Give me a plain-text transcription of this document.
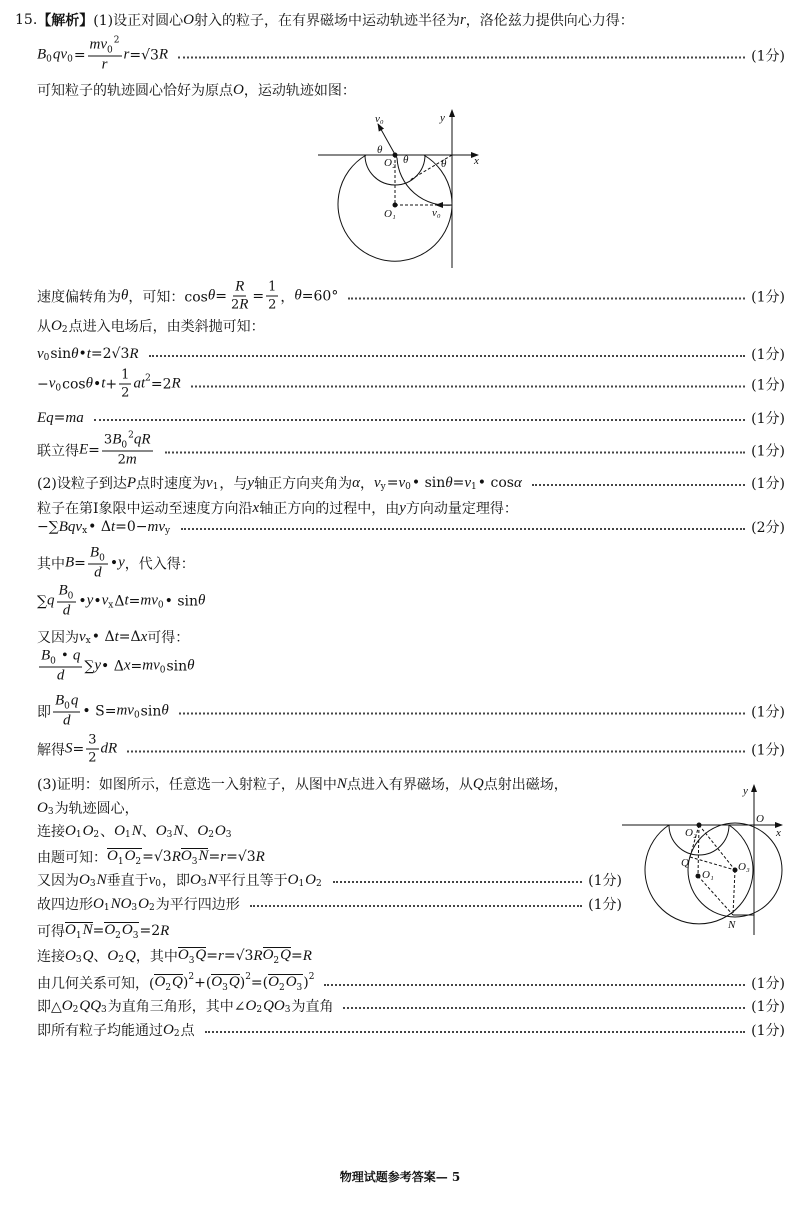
15. 【解析】 (1)设正对圆心 O 射入的粒子，在有界磁场中运动轨迹半径为 r ，洛伦兹力提供向心力得：
B 0 qv $0 = \frac{mv_0^2}{r}$ r =√3 R	(1分)
可知粒子的轨迹圆心恰好为原点 O ，运动轨迹如图：
速度偏转角为 θ ，可知：$\cos \theta = \frac{R}{2R} = \frac{1}{2}$ ， θ =60°	(1分)
从 O 2 点进入电场后，由类斜抛可知：
v 0 sin θ • t =2√3 R	(1分)
− v 0 cos θ • $t + \frac{1}{2}$ at 2 =2 R	(1分)
Eq = ma	(1分)
联立得 $E = \frac{3B_0^2qR}{2m}$	(1分)
(2)设粒子到达 P 点时速度为 v 1 ，与 y 轴正方向夹角为 α ， v y = v 0 • sin θ = v 1 • cos α	(1分)
粒子在第Ⅰ象限中运动至速度方向沿 x 轴正方向的过程中，由 y 方向动量定理得：
−∑ Bqv x • Δ t =0− mv y	(2分)
其中 $B = \frac{B_0}{d}$ • y ，代入得：
∑ q $\frac{B_0}{d}$ • y • v x Δ t = mv 0 • sin θ
又因为 v x • Δ t =Δ x 可得：
$\frac{B_0 • q}{d}$ ∑ y • Δ x = mv 0 sin θ
即 $\frac{B_0q}{d}$ • S= mv 0 sin θ	(1分)
解得 $S = \frac{3}{2}$ dR	(1分)
(3)证明：如图所示，任意选一入射粒子，从图中 N 点进入有界磁场，从 Q 点射出磁场，
O 3 为轨迹圆心，
连接 O 1 O 2 、 O 1 N 、 O 3 N 、 O 2 O 3
由题可知： $O_1O_2 =√3$ R $O_3N = r =√3$ R
又因为 O 3 N 垂直于 v 0 ，即 O 3 N 平行且等于 O 1 O 2	(1分)
故四边形 O 1 NO 3 O 2 为平行四边形	(1分)
可得 $O_1N = O_2O_3 =2$ R
连接 O 3 Q 、 O 2 Q ，其中 $O_3Q = r =√3$ R $O_2Q = R$
由几何关系可知，( $O_2Q$ ) 2 +( $O_3Q$ ) 2 =( $O_2O_3$ ) 2	(1分)
即△ O 2 QQ 3 为直角三角形，其中∠ O 2 QO 3 为直角	(1分)
即所有粒子均能通过 O 2 点	(1分)
v₀	y
x
θ
θ	θ
O₂
O₁	v₀
y
O
x
O₂
Q
O₁
O₃
N
物理试题参考答案— 5
